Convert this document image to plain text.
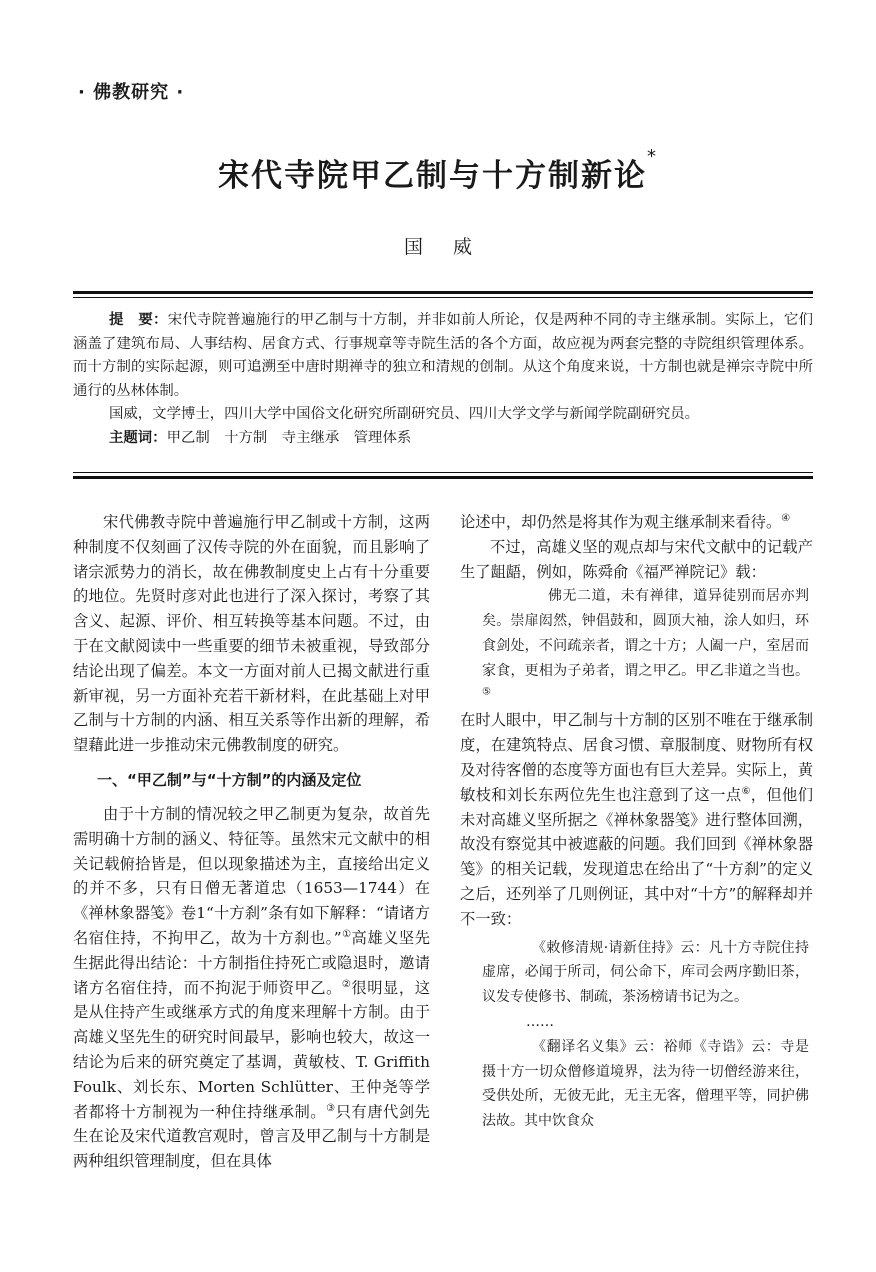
· 佛教研究 ·
宋代寺院甲乙制与十方制新论*
国威

提　要：宋代寺院普遍施行的甲乙制与十方制，并非如前人所论，仅是两种不同的寺主继承制。实际上，它们涵盖了建筑布局、人事结构、居食方式、行事规章等寺院生活的各个方面，故应视为两套完整的寺院组织管理体系。而十方制的实际起源，则可追溯至中唐时期禅寺的独立和清规的创制。从这个角度来说，十方制也就是禅宗寺院中所通行的丛林体制。

国威，文学博士，四川大学中国俗文化研究所副研究员、四川大学文学与新闻学院副研究员。

主题词：甲乙制　十方制　寺主继承　管理体系

宋代佛教寺院中普遍施行甲乙制或十方制，这两种制度不仅刻画了汉传寺院的外在面貌，而且影响了诸宗派势力的消长，故在佛教制度史上占有十分重要的地位。先贤时彦对此也进行了深入探讨，考察了其含义、起源、评价、相互转换等基本问题。不过，由于在文献阅读中一些重要的细节未被重视，导致部分结论出现了偏差。本文一方面对前人已揭文献进行重新审视，另一方面补充若干新材料，在此基础上对甲乙制与十方制的内涵、相互关系等作出新的理解，希望藉此进一步推动宋元佛教制度的研究。

一、“甲乙制”与“十方制”的内涵及定位

由于十方制的情况较之甲乙制更为复杂，故首先需明确十方制的涵义、特征等。虽然宋元文献中的相关记载俯拾皆是，但以现象描述为主，直接给出定义的并不多，只有日僧无著道忠（1653—1744）在《禅林象器笺》卷1“十方刹”条有如下解释：“请诸方名宿住持，不拘甲乙，故为十方刹也。”①高雄义坚先生据此得出结论：十方制指住持死亡或隐退时，邀请诸方名宿住持，而不拘泥于师资甲乙。②很明显，这是从住持产生或继承方式的角度来理解十方制。由于高雄义坚先生的研究时间最早，影响也较大，故这一结论为后来的研究奠定了基调，黄敏枝、T. Griffith Foulk、刘长东、Morten Schlütter、王仲尧等学者都将十方制视为一种住持继承制。③只有唐代剑先生在论及宋代道教宫观时，曾言及甲乙制与十方制是两种组织管理制度，但在具体

论述中，却仍然是将其作为观主继承制来看待。④

不过，高雄义坚的观点却与宋代文献中的记载产生了龃龉，例如，陈舜俞《福严禅院记》载：

佛无二道，未有禅律，道异徒别而居亦判矣。崇扉闳然，钟倡鼓和，圆顶大袖，涂人如归，环食剑处，不问疏亲者，谓之十方；人阖一户，室居而家食，更相为子弟者，谓之甲乙。甲乙非道之当也。⑤

在时人眼中，甲乙制与十方制的区别不唯在于继承制度，在建筑特点、居食习惯、章服制度、财物所有权及对待客僧的态度等方面也有巨大差异。实际上，黄敏枝和刘长东两位先生也注意到了这一点⑥，但他们未对高雄义坚所据之《禅林象器笺》进行整体回溯，故没有察觉其中被遮蔽的问题。我们回到《禅林象器笺》的相关记载，发现道忠在给出了“十方刹”的定义之后，还列举了几则例证，其中对“十方”的解释却并不一致：

《敕修清规·请新住持》云：凡十方寺院住持虚席，必闻于所司，伺公命下，库司会两序勤旧茶，议发专使修书、制疏，茶汤榜请书记为之。

……

《翻译名义集》云：裕师《寺诰》云：寺是摄十方一切众僧修道境界，法为待一切僧经游来往，受供处所，无彼无此，无主无客，僧理平等，同护佛法故。其中饮食众
